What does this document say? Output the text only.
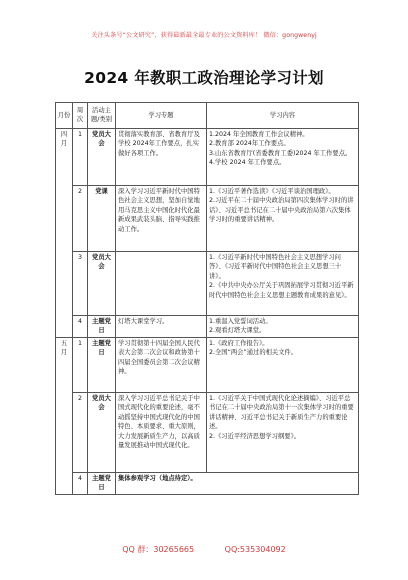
关注头条号“公文研究”，获得最新最全最专业的公文资料库！ 微信：gongwenyj
2024 年教职工政治理论学习计划
月份	周次	活动主题/类别	学习专题	学习内容
四月	1	党员大会	贯彻落实教育部、省教育厅及学校 2024年工作要点，扎实做好各项工作。	1.2024 年全国教育工作会议精神。
2.教育部 2024年工作要点。
3.山东省教育厅(省委教育工委)2024 年工作要点。
4.学校 2024 年工作要点。

	2	党课	深入学习习近平新时代中国特色社会主义思想，坚加自觉地用马克思主义中国化时代化最新成果武装头脑、指导实践推动工作。	1.《习近平著作选读》《习近平谈治国理政》。
2.习近平在二十届中央政治局第四次集体学习时的讲话》、习近平总书记在二十届中央政治局第六次集体学习时的重要讲话精神。

	3	党员大会		1.《习近平新时代中国特色社会主义思想学习问答》、《习近平新时代中国特色社会主义思想三十讲》。
2.《中共中央办公厅关于巩固拓展学习贯彻习近平新时代中国特色社会主义思想主题教育成果的意见》。

	4	主题党日	灯塔大课堂学习。	1.重温入党誓词活动。
2.观看灯塔大课堂。

五月	1	主题党日	学习贯彻第十四届全国人民代表大会第二次会议和政协第十四届全国委员会第二次会议精神。	1.《政府工作报告》。
2.全国“两会”通过的相关文件。

	2	党员大会	深入学习习近平总书记关于中国式现代化的重要论述，毫不动摇坚持中国式现代化的中国特色、本质要求、重大原则，大力发展新质生产力，以高质量发展推动中国式现代化。	1.《习近平关于中国式现代化论述摘编》、习近平总书记在二十届中央政治局第十一次集体学习时的重要讲话精神、习近平总书记关于新质生产力的重要论述。
2.《习近平经济思想学习纲要》。

	4	主题党日	集体参观学习（地点待定）。	
QQ 群：30265665	QQ:535304092
